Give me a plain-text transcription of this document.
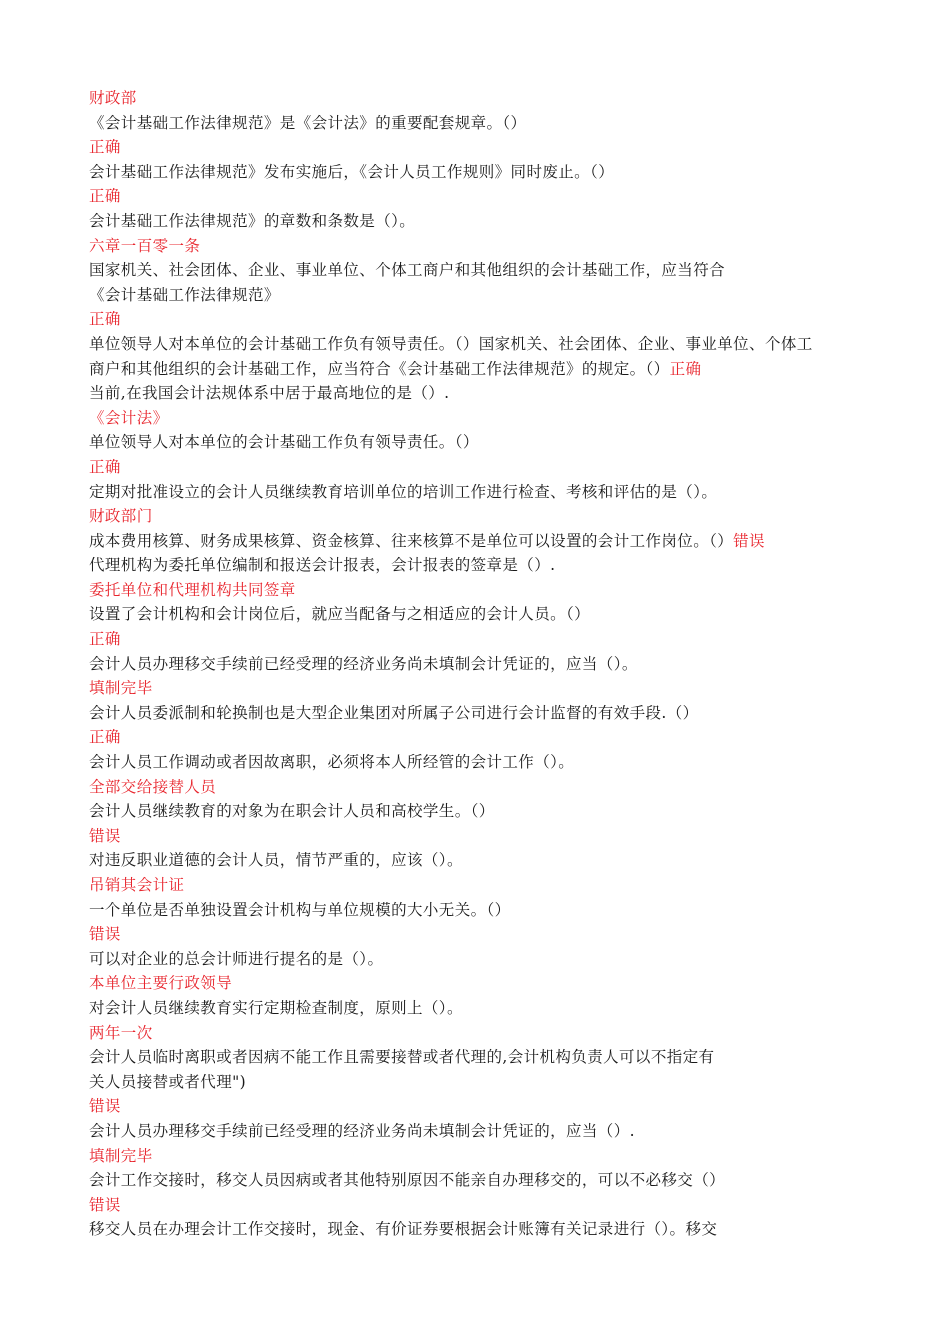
财政部
《会计基础工作法律规范》是《会计法》的重要配套规章。（）
正确
会计基础工作法律规范》发布实施后，《会计人员工作规则》同时废止。（）
正确
会计基础工作法律规范》的章数和条数是（）。
六章一百零一条
国家机关、社会团体、企业、事业单位、个体工商户和其他组织的会计基础工作，应当符合
《会计基础工作法律规范》
正确
单位领导人对本单位的会计基础工作负有领导责任。（）国家机关、社会团体、企业、事业单位、个体工
商户和其他组织的会计基础工作，应当符合《会计基础工作法律规范》的规定。（）正确
当前,在我国会计法规体系中居于最高地位的是（）.
《会计法》
单位领导人对本单位的会计基础工作负有领导责任。（）
正确
定期对批准设立的会计人员继续教育培训单位的培训工作进行检查、考核和评估的是（）。
财政部门
成本费用核算、财务成果核算、资金核算、往来核算不是单位可以设置的会计工作岗位。（）错误
代理机构为委托单位编制和报送会计报表，会计报表的签章是（）.
委托单位和代理机构共同签章
设置了会计机构和会计岗位后，就应当配备与之相适应的会计人员。（）
正确
会计人员办理移交手续前已经受理的经济业务尚未填制会计凭证的，应当（）。
填制完毕
会计人员委派制和轮换制也是大型企业集团对所属子公司进行会计监督的有效手段.（）
正确
会计人员工作调动或者因故离职，必须将本人所经管的会计工作（）。
全部交给接替人员
会计人员继续教育的对象为在职会计人员和高校学生。（）
错误
对违反职业道德的会计人员，情节严重的，应该（）。
吊销其会计证
一个单位是否单独设置会计机构与单位规模的大小无关。（）
错误
可以对企业的总会计师进行提名的是（）。
本单位主要行政领导
对会计人员继续教育实行定期检查制度，原则上（）。
两年一次
会计人员临时离职或者因病不能工作且需要接替或者代理的,会计机构负责人可以不指定有
关人员接替或者代理")
错误
会计人员办理移交手续前已经受理的经济业务尚未填制会计凭证的，应当（）.
填制完毕
会计工作交接时，移交人员因病或者其他特别原因不能亲自办理移交的，可以不必移交（）
错误
移交人员在办理会计工作交接时，现金、有价证券要根据会计账簿有关记录进行（）。移交
